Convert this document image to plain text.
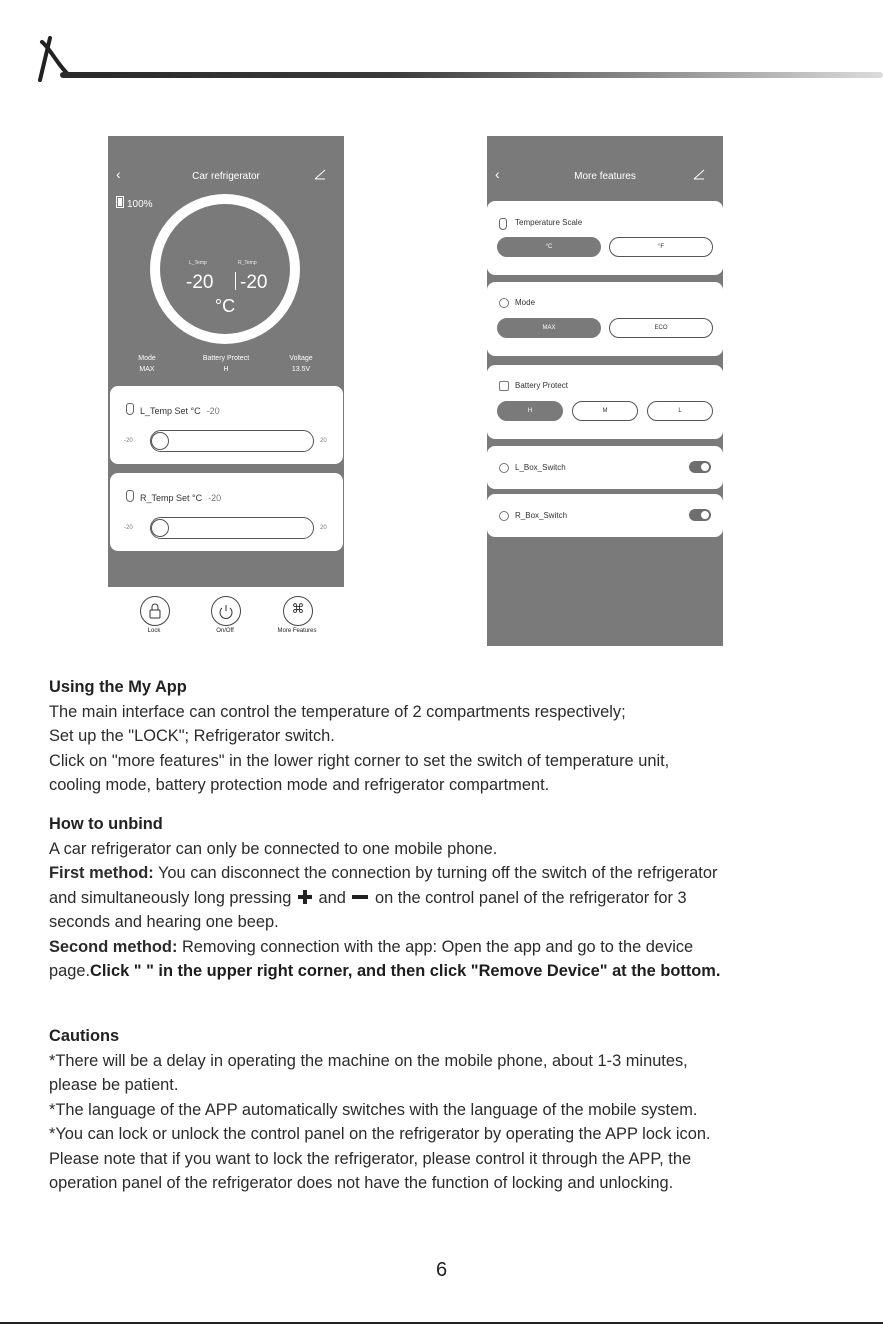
‹	Car refrigerator
100%
L_Temp	R_Temp
-20 -20
°C
Mode
MAX
Battery Protect
H
Voltage
13.5V
L_Temp Set °C -20
-20	20
R_Temp Set °C -20
-20	20
Lock	On/Off
⌘
More Features
‹	More features
Temperature Scale
°C	°F
Mode
MAX	ECO
Battery Protect
H	M	L
L_Box_Switch
R_Box_Switch

Using the My App

The main interface can control the temperature of 2 compartments respectively;

Set up the "LOCK"; Refrigerator switch.

Click on "more features" in the lower right corner to set the switch of temperature unit,

cooling mode, battery protection mode and refrigerator compartment.

How to unbind

A car refrigerator can only be connected to one mobile phone.

First method: You can disconnect the connection by turning off the switch of the refrigerator

and simultaneously long pressing and on the control panel of the refrigerator for 3

seconds and hearing one beep.

Second method: Removing connection with the app: Open the app and go to the device

page.Click " " in the upper right corner, and then click "Remove Device" at the bottom.

Cautions

*There will be a delay in operating the machine on the mobile phone, about 1-3 minutes,

please be patient.

*The language of the APP automatically switches with the language of the mobile system.

*You can lock or unlock the control panel on the refrigerator by operating the APP lock icon.

Please note that if you want to lock the refrigerator, please control it through the APP, the

operation panel of the refrigerator does not have the function of locking and unlocking.

6
